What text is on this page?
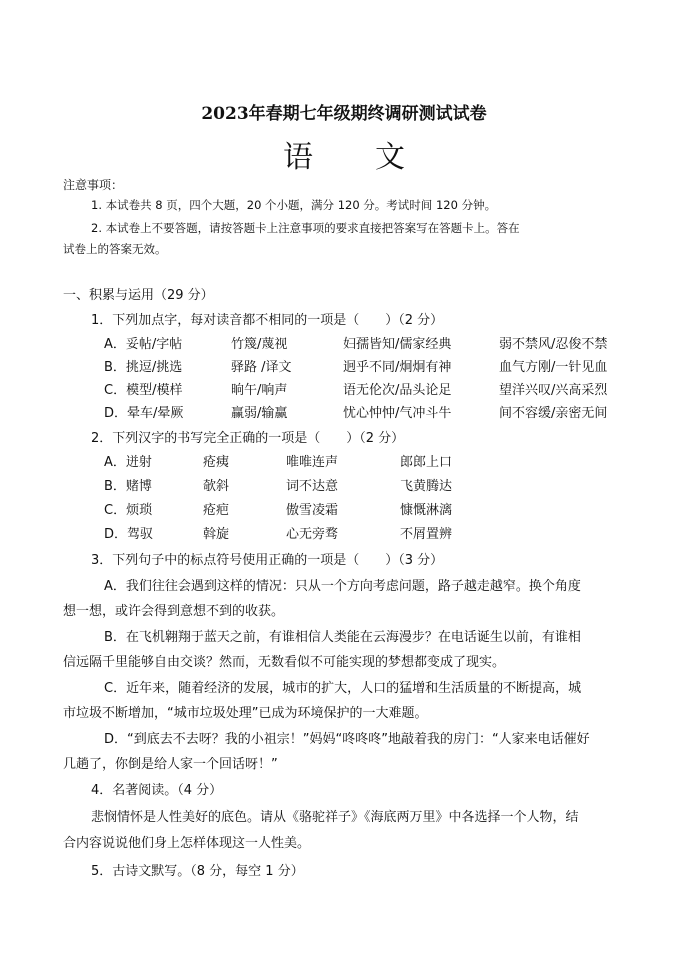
2023年春期七年级期终调研测试试卷
语文
注意事项：
1. 本试卷共 8 页，四个大题，20 个小题，满分 120 分。考试时间 120 分钟。
2. 本试卷上不要答题，请按答题卡上注意事项的要求直接把答案写在答题卡上。答在
试卷上的答案无效。
一、积累与运用（29 分）
1．下列加点字，每对读音都不相同的一项是（　　）（2 分）
A．妥帖/字帖	竹篾/蔑视	妇孺皆知/儒家经典	弱不禁风/忍俊不禁
B．挑逗/挑选	驿路 /译文	迥乎不同/炯炯有神	血气方刚/一针见血
C．模型/模样	晌午/响声	语无伦次/品头论足	望洋兴叹/兴高采烈
D．晕车/晕厥	赢弱/输赢	忧心忡忡/气冲斗牛	间不容缓/亲密无间
2．下列汉字的书写完全正确的一项是（　　）（2 分）
A．迸射	疮痍	唯唯连声	郎郎上口
B．赌博	欹斜	词不达意	飞黄腾达
C．烦琐	疮疤	傲雪凌霜	慷慨淋漓
D．驾驭	斡旋	心无旁骛	不屑置辨
3．下列句子中的标点符号使用正确的一项是（　　）（3 分）
A．我们往往会遇到这样的情况：只从一个方向考虑问题，路子越走越窄。换个角度
想一想，或许会得到意想不到的收获。
B．在飞机翱翔于蓝天之前，有谁相信人类能在云海漫步？在电话诞生以前，有谁相
信远隔千里能够自由交谈？然而，无数看似不可能实现的梦想都变成了现实。
C．近年来，随着经济的发展，城市的扩大，人口的猛增和生活质量的不断提高，城
市垃圾不断增加，“城市垃圾处理”已成为环境保护的一大难题。
D．“到底去不去呀？我的小祖宗！”妈妈“咚咚咚”地敲着我的房门：“人家来电话催好
几趟了，你倒是给人家一个回话呀！”
4．名著阅读。（4 分）
悲悯情怀是人性美好的底色。请从《骆驼祥子》《海底两万里》中各选择一个人物，结
合内容说说他们身上怎样体现这一人性美。
5．古诗文默写。（8 分，每空 1 分）
